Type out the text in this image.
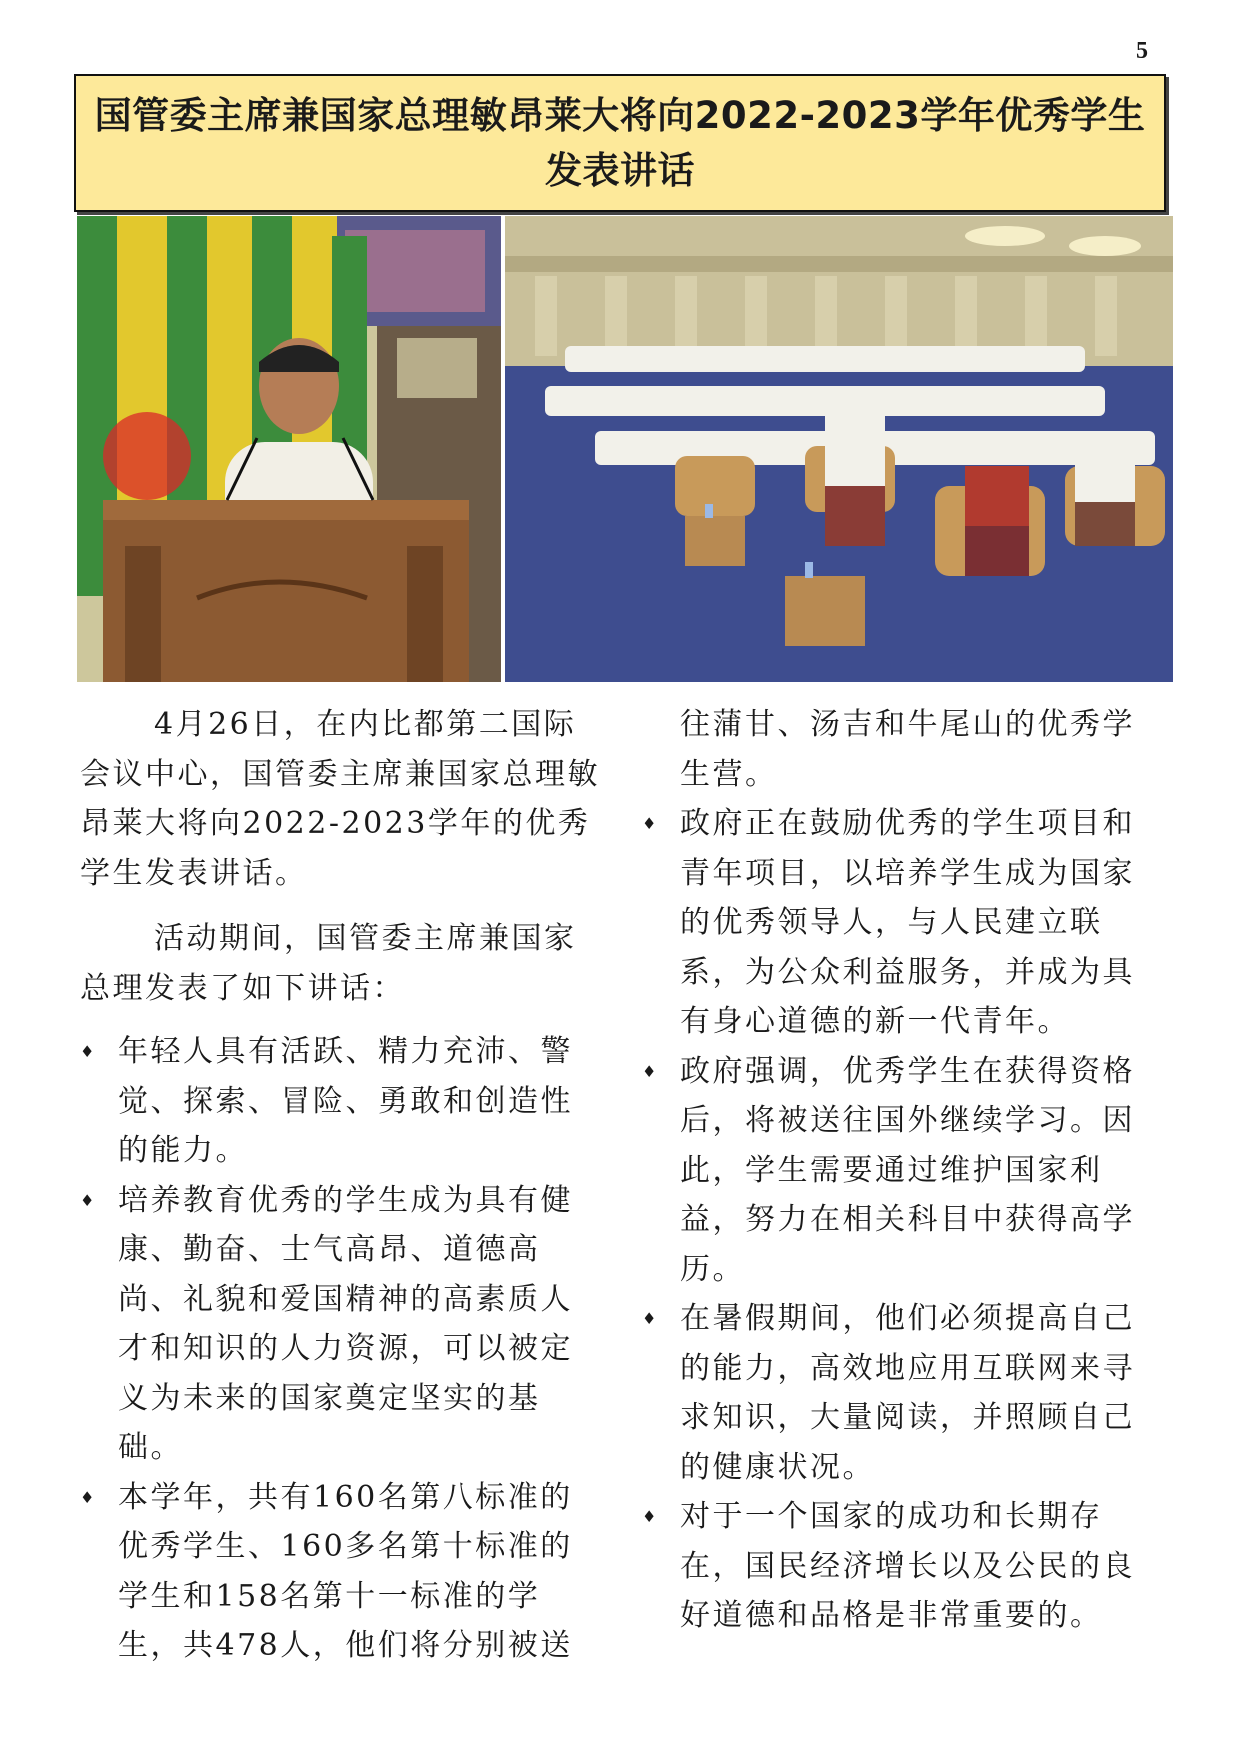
5
国管委主席兼国家总理敏昂莱大将向2022-2023学年优秀学生发表讲话

4月26日，在内比都第二国际会议中心，国管委主席兼国家总理敏昂莱大将向2022-2023学年的优秀学生发表讲话。

活动期间，国管委主席兼国家总理发表了如下讲话：

♦ 年轻人具有活跃、精力充沛、警觉、探索、冒险、勇敢和创造性的能力。
♦ 培养教育优秀的学生成为具有健康、勤奋、士气高昂、道德高尚、礼貌和爱国精神的高素质人才和知识的人力资源，可以被定义为未来的国家奠定坚实的基础。
♦ 本学年，共有160名第八标准的优秀学生、160多名第十标准的学生和158名第十一标准的学生，共478人，他们将分别被送

往蒲甘、汤吉和牛尾山的优秀学生营。

♦ 政府正在鼓励优秀的学生项目和青年项目，以培养学生成为国家的优秀领导人，与人民建立联系，为公众利益服务，并成为具有身心道德的新一代青年。
♦ 政府强调，优秀学生在获得资格后，将被送往国外继续学习。因此，学生需要通过维护国家利益，努力在相关科目中获得高学历。
♦ 在暑假期间，他们必须提高自己的能力，高效地应用互联网来寻求知识，大量阅读，并照顾自己的健康状况。
♦ 对于一个国家的成功和长期存在，国民经济增长以及公民的良好道德和品格是非常重要的。
